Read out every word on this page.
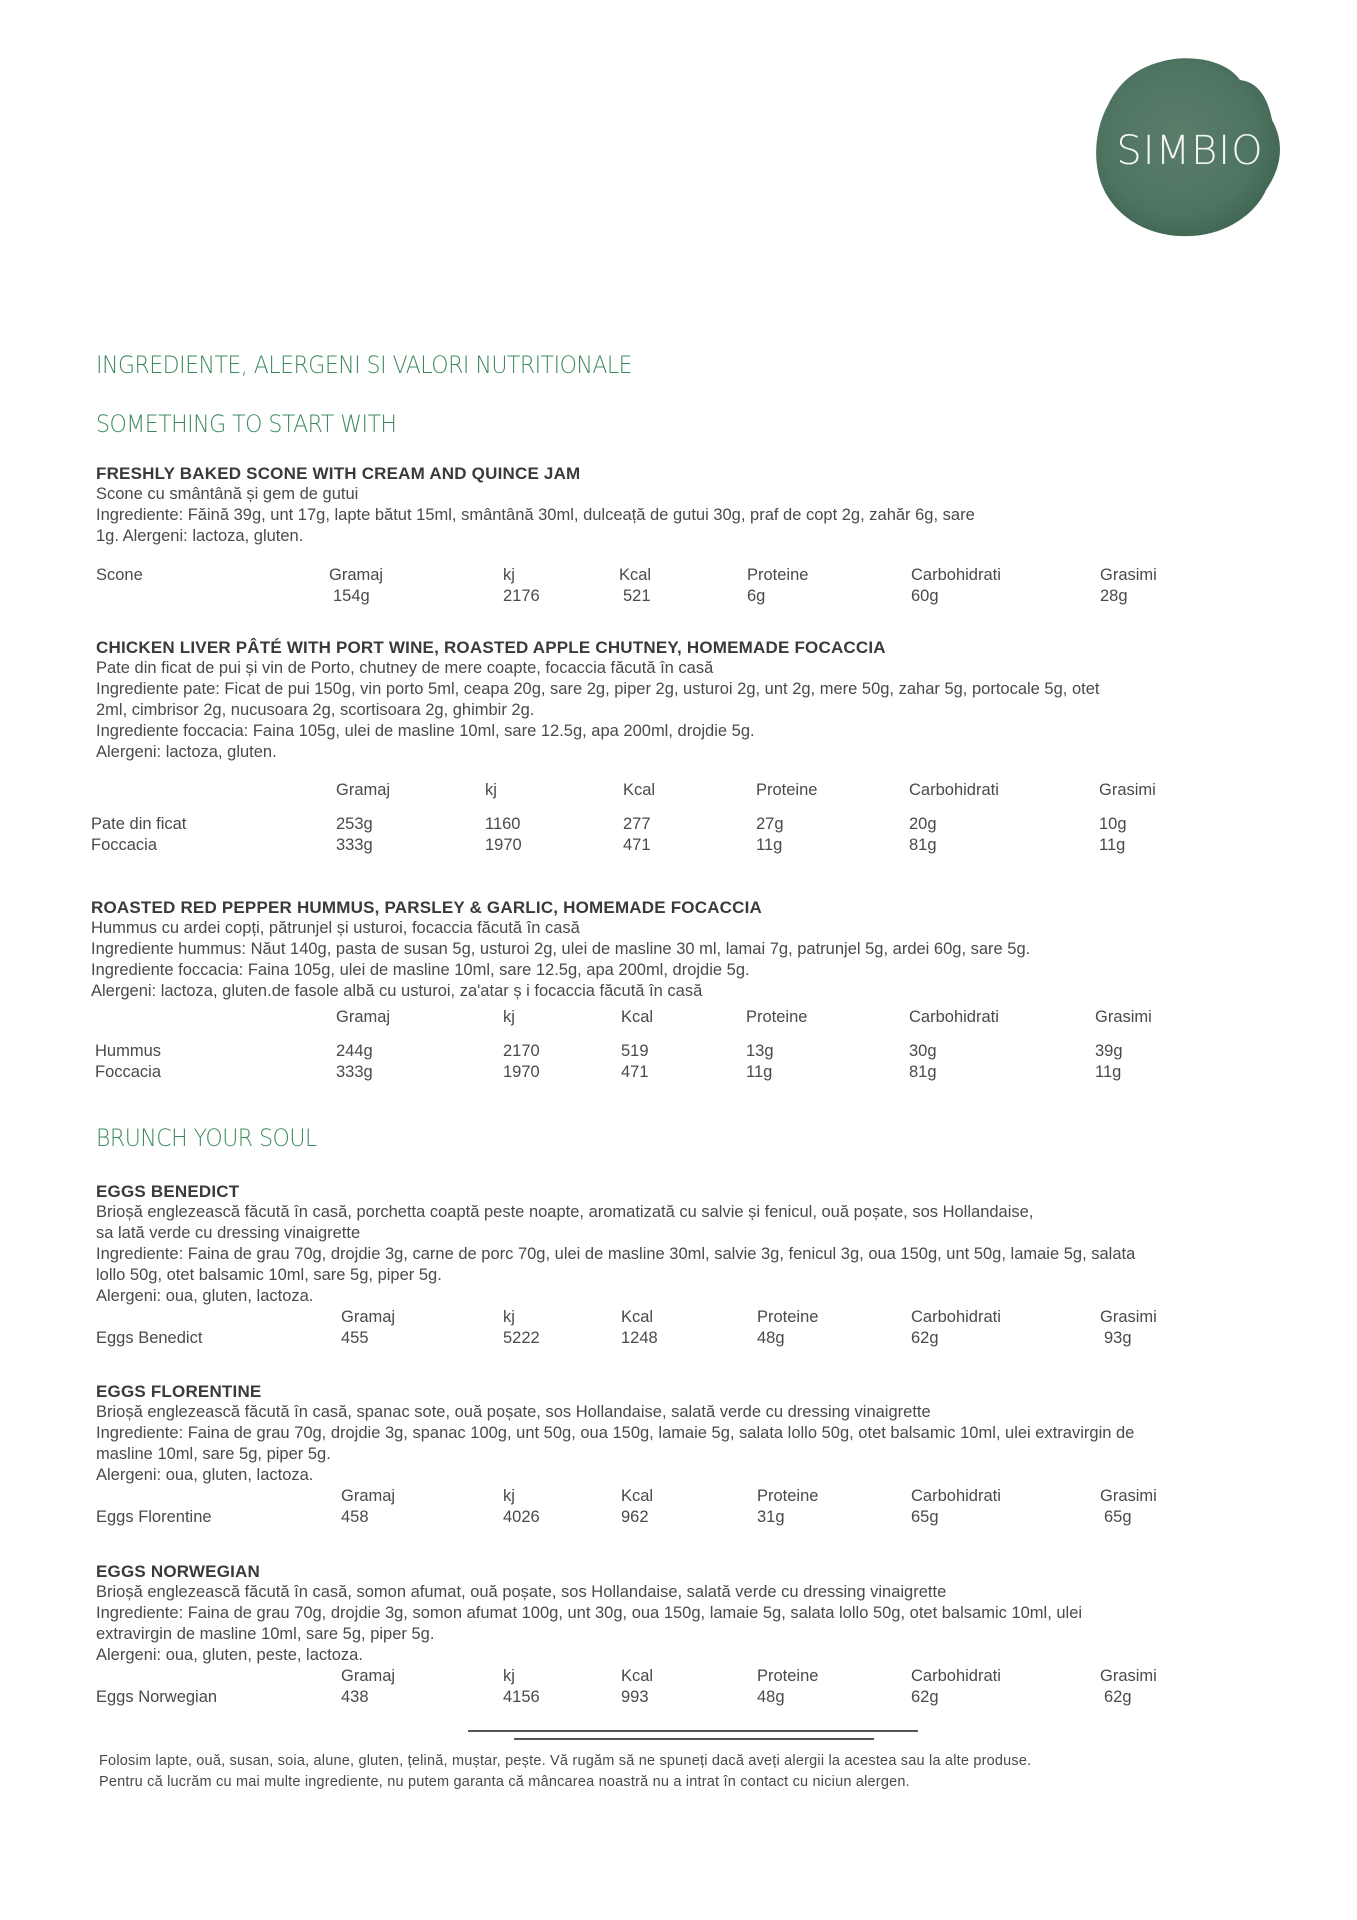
SIMBIO
INGREDIENTE, ALERGENI SI VALORI NUTRITIONALE
SOMETHING TO START WITH
FRESHLY BAKED SCONE WITH CREAM AND QUINCE JAM
Scone cu smântână și gem de gutui
Ingrediente: Făină 39g, unt 17g, lapte bătut 15ml, smântână 30ml, dulceață de gutui 30g, praf de copt 2g, zahăr 6g, sare
1g. Alergeni: lactoza, gluten.
Scone	Gramaj	kj	Kcal	Proteine	Carbohidrati	Grasimi
154g	2176	521	6g	60g	28g
CHICKEN LIVER PÂTÉ WITH PORT WINE, ROASTED APPLE CHUTNEY, HOMEMADE FOCACCIA
Pate din ficat de pui și vin de Porto, chutney de mere coapte, focaccia făcută în casă
Ingrediente pate: Ficat de pui 150g, vin porto 5ml, ceapa 20g, sare 2g, piper 2g, usturoi 2g, unt 2g, mere 50g, zahar 5g, portocale 5g, otet
2ml, cimbrisor 2g, nucusoara 2g, scortisoara 2g, ghimbir 2g.
Ingrediente foccacia: Faina 105g, ulei de masline 10ml, sare 12.5g, apa 200ml, drojdie 5g.
Alergeni: lactoza, gluten.
Gramaj	kj	Kcal	Proteine	Carbohidrati	Grasimi
Pate din ficat	253g	1160	277	27g	20g	10g
Foccacia	333g	1970	471	11g	81g	11g
ROASTED RED PEPPER HUMMUS, PARSLEY & GARLIC, HOMEMADE FOCACCIA
Hummus cu ardei copți, pătrunjel și usturoi, focaccia făcută în casă
Ingrediente hummus: Năut 140g, pasta de susan 5g, usturoi 2g, ulei de masline 30 ml, lamai 7g, patrunjel 5g, ardei 60g, sare 5g.
Ingrediente foccacia: Faina 105g, ulei de masline 10ml, sare 12.5g, apa 200ml, drojdie 5g.
Alergeni: lactoza, gluten.de fasole albă cu usturoi, za'atar ș i focaccia făcută în casă
Gramaj	kj	Kcal	Proteine	Carbohidrati	Grasimi
Hummus	244g	2170	519	13g	30g	39g
Foccacia	333g	1970	471	11g	81g	11g
BRUNCH YOUR SOUL
EGGS BENEDICT
Brioșă englezească făcută în casă, porchetta coaptă peste noapte, aromatizată cu salvie și fenicul, ouă poșate, sos Hollandaise,
sa lată verde cu dressing vinaigrette
Ingrediente: Faina de grau 70g, drojdie 3g, carne de porc 70g, ulei de masline 30ml, salvie 3g, fenicul 3g, oua 150g, unt 50g, lamaie 5g, salata
lollo 50g, otet balsamic 10ml, sare 5g, piper 5g.
Alergeni: oua, gluten, lactoza.
Gramaj	kj	Kcal	Proteine	Carbohidrati	Grasimi
Eggs Benedict	455	5222	1248	48g	62g	93g
EGGS FLORENTINE
Brioșă englezească făcută în casă, spanac sote, ouă poșate, sos Hollandaise, salată verde cu dressing vinaigrette
Ingrediente: Faina de grau 70g, drojdie 3g, spanac 100g, unt 50g, oua 150g, lamaie 5g, salata lollo 50g, otet balsamic 10ml, ulei extravirgin de
masline 10ml, sare 5g, piper 5g.
Alergeni: oua, gluten, lactoza.
Gramaj	kj	Kcal	Proteine	Carbohidrati	Grasimi
Eggs Florentine	458	4026	962	31g	65g	65g
EGGS NORWEGIAN
Brioșă englezească făcută în casă, somon afumat, ouă poșate, sos Hollandaise, salată verde cu dressing vinaigrette
Ingrediente: Faina de grau 70g, drojdie 3g, somon afumat 100g, unt 30g, oua 150g, lamaie 5g, salata lollo 50g, otet balsamic 10ml, ulei
extravirgin de masline 10ml, sare 5g, piper 5g.
Alergeni: oua, gluten, peste, lactoza.
Gramaj	kj	Kcal	Proteine	Carbohidrati	Grasimi
Eggs Norwegian	438	4156	993	48g	62g	62g
Folosim lapte, ouă, susan, soia, alune, gluten, țelină, muștar, pește. Vă rugăm să ne spuneți dacă aveți alergii la acestea sau la alte produse.
Pentru că lucrăm cu mai multe ingrediente, nu putem garanta că mâncarea noastră nu a intrat în contact cu niciun alergen.
